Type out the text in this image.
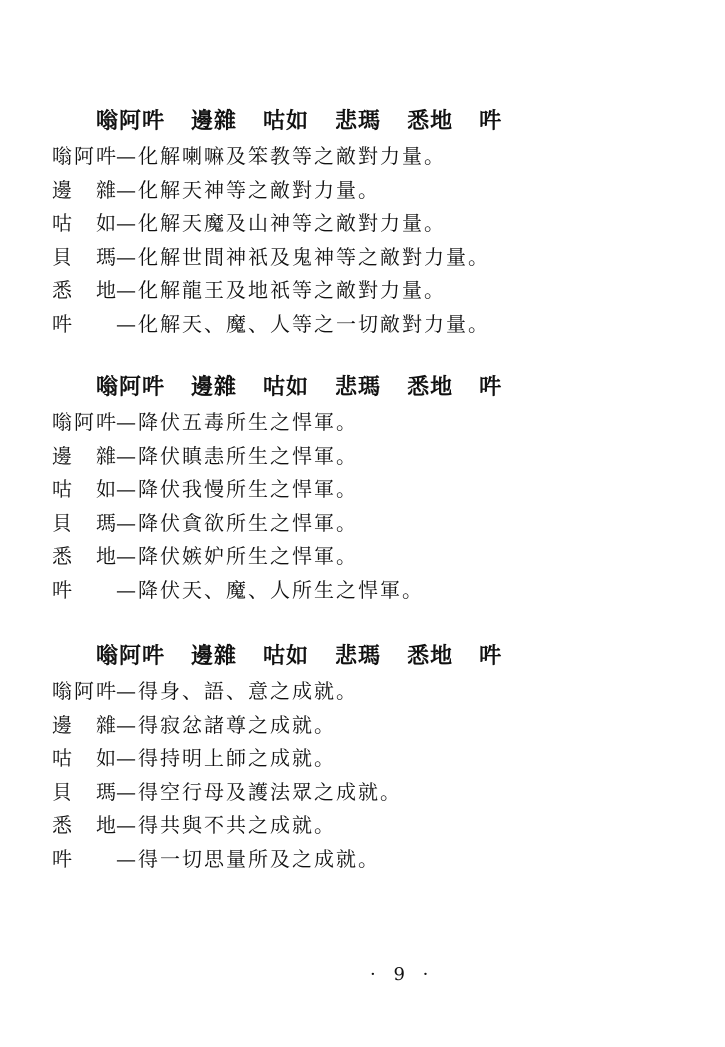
嗡阿吽 邊雜 咕如 悲瑪 悉地 吽
嗡阿吽—化解喇嘛及笨教等之敵對力量。
邊　雜—化解天神等之敵對力量。
咕　如—化解天魔及山神等之敵對力量。
貝　瑪—化解世間神祇及鬼神等之敵對力量。
悉　地—化解龍王及地祇等之敵對力量。
吽 —化解天、魔、人等之一切敵對力量。
嗡阿吽 邊雜 咕如 悲瑪 悉地 吽
嗡阿吽—降伏五毒所生之悍軍。
邊　雜—降伏瞋恚所生之悍軍。
咕　如—降伏我慢所生之悍軍。
貝　瑪—降伏貪欲所生之悍軍。
悉　地—降伏嫉妒所生之悍軍。
吽 —降伏天、魔、人所生之悍軍。
嗡阿吽 邊雜 咕如 悲瑪 悉地 吽
嗡阿吽—得身、語、意之成就。
邊　雜—得寂忿諸尊之成就。
咕　如—得持明上師之成就。
貝　瑪—得空行母及護法眾之成就。
悉　地—得共與不共之成就。
吽 —得一切思量所及之成就。
· 9 ·
